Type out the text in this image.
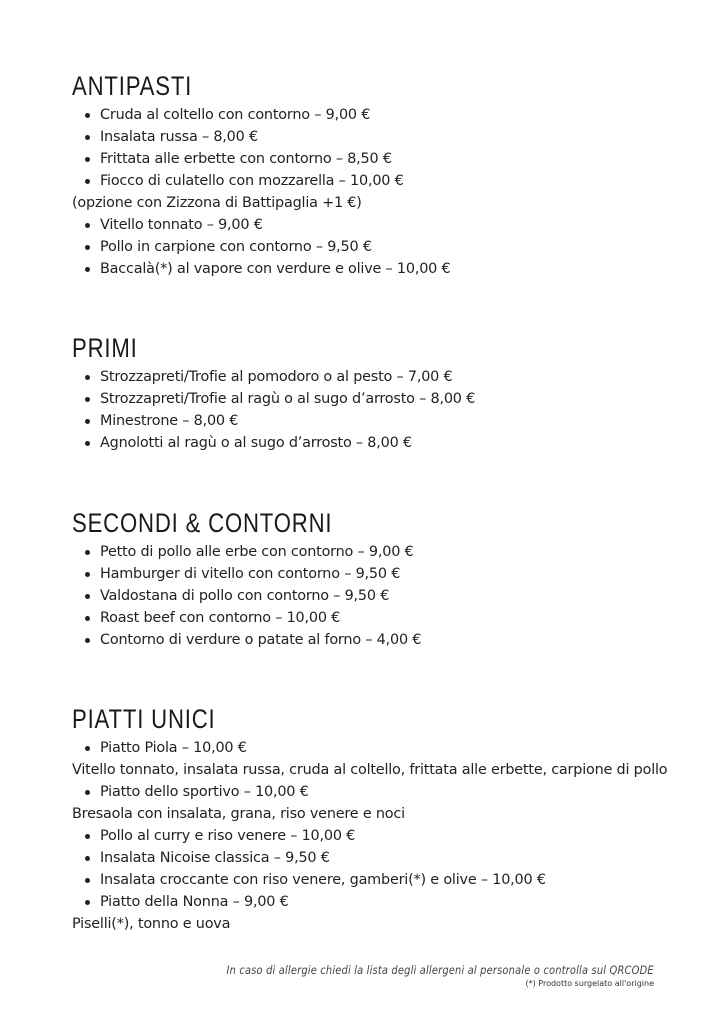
ANTIPASTI
Cruda al coltello con contorno – 9,00 €
Insalata russa – 8,00 €
Frittata alle erbette con contorno – 8,50 €
Fiocco di culatello con mozzarella – 10,00 €
(opzione con Zizzona di Battipaglia +1 €)
Vitello tonnato – 9,00 €
Pollo in carpione con contorno – 9,50 €
Baccalà(*) al vapore con verdure e olive – 10,00 €
PRIMI
Strozzapreti/Trofie al pomodoro o al pesto – 7,00 €
Strozzapreti/Trofie al ragù o al sugo d’arrosto – 8,00 €
Minestrone – 8,00 €
Agnolotti al ragù o al sugo d’arrosto – 8,00 €
SECONDI & CONTORNI
Petto di pollo alle erbe con contorno – 9,00 €
Hamburger di vitello con contorno – 9,50 €
Valdostana di pollo con contorno – 9,50 €
Roast beef con contorno – 10,00 €
Contorno di verdure o patate al forno – 4,00 €
PIATTI UNICI
Piatto Piola – 10,00 €
Vitello tonnato, insalata russa, cruda al coltello, frittata alle erbette, carpione di pollo
Piatto dello sportivo – 10,00 €
Bresaola con insalata, grana, riso venere e noci
Pollo al curry e riso venere – 10,00 €
Insalata Nicoise classica – 9,50 €
Insalata croccante con riso venere, gamberi(*) e olive – 10,00 €
Piatto della Nonna – 9,00 €
Piselli(*), tonno e uova
In caso di allergie chiedi la lista degli allergeni al personale o controlla sul QRCODE
(*) Prodotto surgelato all'origine
